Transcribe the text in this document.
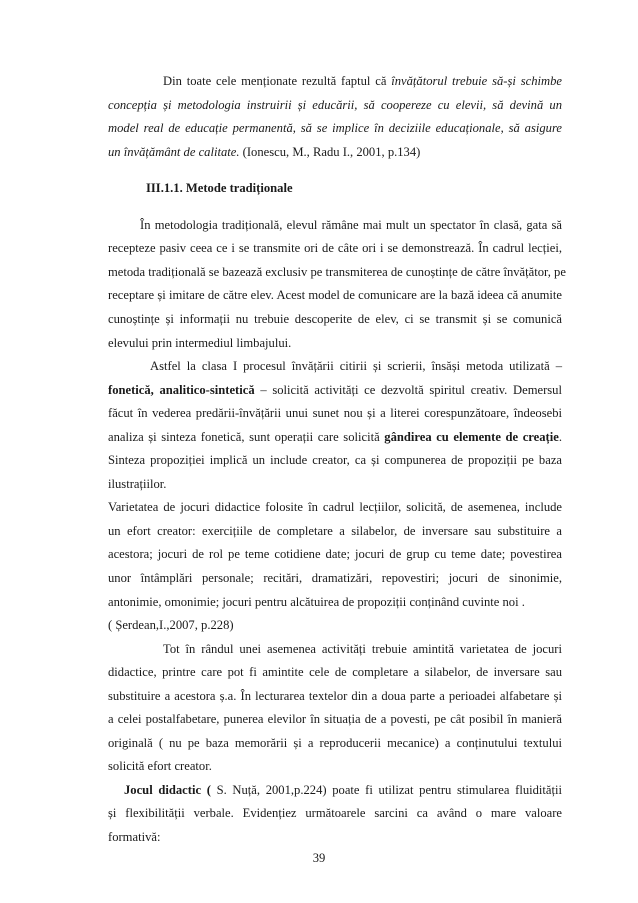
Din toate cele menționate rezultă faptul că învățătorul trebuie să-și schimbe
concepția și metodologia instruirii și educării, să coopereze cu elevii, să devină un
model real de educație permanentă, să se implice în deciziile educaționale, să asigure
un învățământ de calitate. (Ionescu, M., Radu I., 2001, p.134)
III.1.1. Metode tradiționale
În metodologia tradițională, elevul rămâne mai mult un spectator în clasă, gata să
recepteze pasiv ceea ce i se transmite ori de câte ori i se demonstrează. În cadrul lecției,
metoda tradițională se bazează exclusiv pe transmiterea de cunoștințe de către învățător, pe
receptare și imitare de către elev. Acest model de comunicare are la bază ideea că anumite
cunoștințe și informații nu trebuie descoperite de elev, ci se transmit și se comunică
elevului prin intermediul limbajului.
Astfel la clasa I procesul învățării citirii și scrierii, însăși metoda utilizată –
fonetică, analitico-sintetică – solicită activități ce dezvoltă spiritul creativ. Demersul
făcut în vederea predării-învățării unui sunet nou și a literei corespunzătoare, îndeosebi
analiza și sinteza fonetică, sunt operații care solicită gândirea cu elemente de creație.
Sinteza propoziției implică un include creator, ca și compunerea de propoziții pe baza
ilustrațiilor.
Varietatea de jocuri didactice folosite în cadrul lecțiilor, solicită, de asemenea, include
un efort creator: exercițiile de completare a silabelor, de inversare sau substituire a
acestora; jocuri de rol pe teme cotidiene date; jocuri de grup cu teme date; povestirea
unor întâmplări personale; recitări, dramatizări, repovestiri; jocuri de sinonimie,
antonimie, omonimie; jocuri pentru alcătuirea de propoziții conținând cuvinte noi .
( Șerdean,I.,2007, p.228)
Tot în rândul unei asemenea activități trebuie amintită varietatea de jocuri
didactice, printre care pot fi amintite cele de completare a silabelor, de inversare sau
substituire a acestora ș.a. În lecturarea textelor din a doua parte a perioadei alfabetare și
a celei postalfabetare, punerea elevilor în situația de a povesti, pe cât posibil în manieră
originală ( nu pe baza memorării și a reproducerii mecanice) a conținutului textului
solicită efort creator.
Jocul didactic ( S. Nuță, 2001,p.224) poate fi utilizat pentru stimularea fluidității
și flexibilității verbale. Evidențiez următoarele sarcini ca având o mare valoare
formativă:
39
